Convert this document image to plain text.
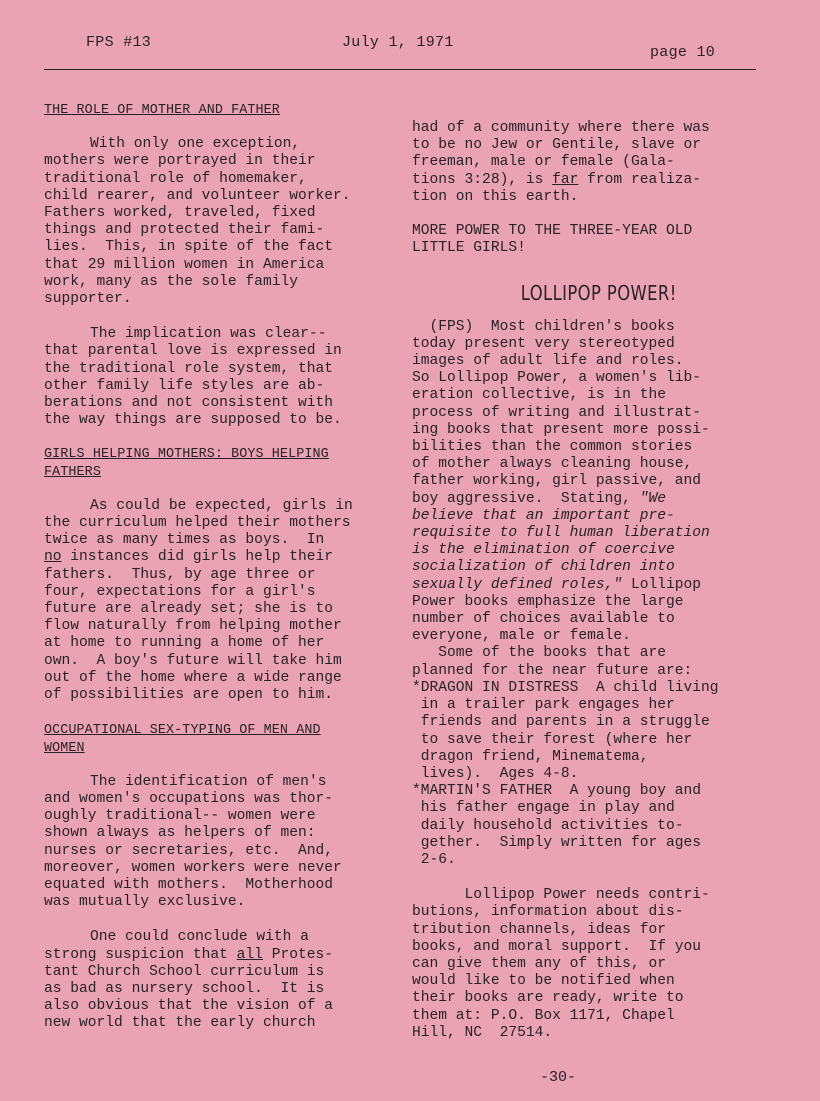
FPS #13	July 1, 1971
page 10

THE ROLE OF MOTHER AND FATHER

With only one exception,
mothers were portrayed in their
traditional role of homemaker,
child rearer, and volunteer worker.
Fathers worked, traveled, fixed
things and protected their fami-
lies.  This, in spite of the fact
that 29 million women in America
work, many as the sole family
supporter.

The implication was clear--
that parental love is expressed in
the traditional role system, that
other family life styles are ab-
berations and not consistent with
the way things are supposed to be.

GIRLS HELPING MOTHERS: BOYS HELPING
FATHERS

As could be expected, girls in
the curriculum helped their mothers
twice as many times as boys.  In
no instances did girls help their
fathers.  Thus, by age three or
four, expectations for a girl's
future are already set; she is to
flow naturally from helping mother
at home to running a home of her
own.  A boy's future will take him
out of the home where a wide range
of possibilities are open to him.

OCCUPATIONAL SEX-TYPING OF MEN AND
WOMEN

The identification of men's
and women's occupations was thor-
oughly traditional-- women were
shown always as helpers of men:
nurses or secretaries, etc.  And,
moreover, women workers were never
equated with mothers.  Motherhood
was mutually exclusive.

One could conclude with a
strong suspicion that all Protes-
tant Church School curriculum is
as bad as nursery school.  It is
also obvious that the vision of a
new world that the early church

had of a community where there was
to be no Jew or Gentile, slave or
freeman, male or female (Gala-
tions 3:28), is far from realiza-
tion on this earth.

MORE POWER TO THE THREE-YEAR OLD
LITTLE GIRLS!

LOLLIPOP POWER!

(FPS)  Most children's books
today present very stereotyped
images of adult life and roles.
So Lollipop Power, a women's lib-
eration collective, is in the
process of writing and illustrat-
ing books that present more possi-
bilities than the common stories
of mother always cleaning house,
father working, girl passive, and
boy aggressive.  Stating, "We
believe that an important pre-
requisite to full human liberation
is the elimination of coercive
socialization of children into
sexually defined roles," Lollipop
Power books emphasize the large
number of choices available to
everyone, male or female.

Some of the books that are
planned for the near future are:
*DRAGON IN DISTRESS  A child living
in a trailer park engages her
friends and parents in a struggle
to save their forest (where her
dragon friend, Minematema,
lives).  Ages 4-8.
*MARTIN'S FATHER  A young boy and
his father engage in play and
daily household activities to-
gether.  Simply written for ages
2-6.

Lollipop Power needs contri-
butions, information about dis-
tribution channels, ideas for
books, and moral support.  If you
can give them any of this, or
would like to be notified when
their books are ready, write to
them at: P.O. Box 1171, Chapel
Hill, NC  27514.

-30-
